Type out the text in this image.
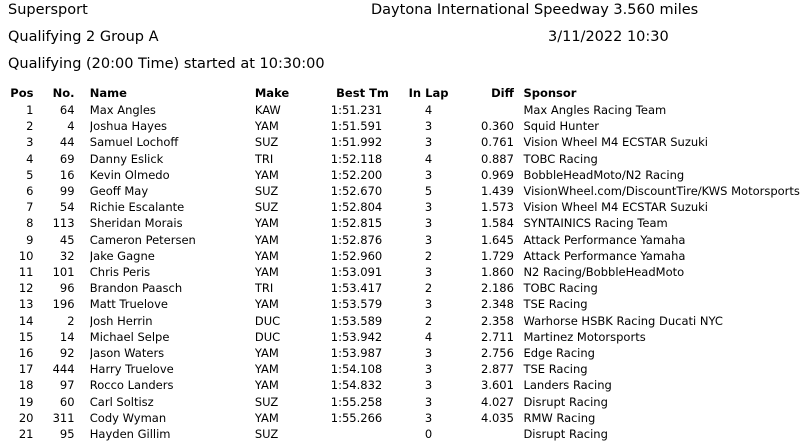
Supersport	Daytona International Speedway 3.560 miles
Qualifying 2 Group A	3/11/2022 10:30
Qualifying (20:00 Time) started at 10:30:00
Pos	No.		Name	Make		Best Tm	In Lap	Diff		Sponsor
1	64		Max Angles	KAW		1:51.231	4			Max Angles Racing Team
2	4		Joshua Hayes	YAM		1:51.591	3	0.360		Squid Hunter
3	44		Samuel Lochoff	SUZ		1:51.992	3	0.761		Vision Wheel M4 ECSTAR Suzuki
4	69		Danny Eslick	TRI		1:52.118	4	0.887		TOBC Racing
5	16		Kevin Olmedo	YAM		1:52.200	3	0.969		BobbleHeadMoto/N2 Racing
6	99		Geoff May	SUZ		1:52.670	5	1.439		VisionWheel.com/DiscountTire/KWS Motorsports
7	54		Richie Escalante	SUZ		1:52.804	3	1.573		Vision Wheel M4 ECSTAR Suzuki
8	113		Sheridan Morais	YAM		1:52.815	3	1.584		SYNTAINICS Racing Team
9	45		Cameron Petersen	YAM		1:52.876	3	1.645		Attack Performance Yamaha
10	32		Jake Gagne	YAM		1:52.960	2	1.729		Attack Performance Yamaha
11	101		Chris Peris	YAM		1:53.091	3	1.860		N2 Racing/BobbleHeadMoto
12	96		Brandon Paasch	TRI		1:53.417	2	2.186		TOBC Racing
13	196		Matt Truelove	YAM		1:53.579	3	2.348		TSE Racing
14	2		Josh Herrin	DUC		1:53.589	2	2.358		Warhorse HSBK Racing Ducati NYC
15	14		Michael Selpe	DUC		1:53.942	4	2.711		Martinez Motorsports
16	92		Jason Waters	YAM		1:53.987	3	2.756		Edge Racing
17	444		Harry Truelove	YAM		1:54.108	3	2.877		TSE Racing
18	97		Rocco Landers	YAM		1:54.832	3	3.601		Landers Racing
19	60		Carl Soltisz	SUZ		1:55.258	3	4.027		Disrupt Racing
20	311		Cody Wyman	YAM		1:55.266	3	4.035		RMW Racing
21	95		Hayden Gillim	SUZ			0			Disrupt Racing
